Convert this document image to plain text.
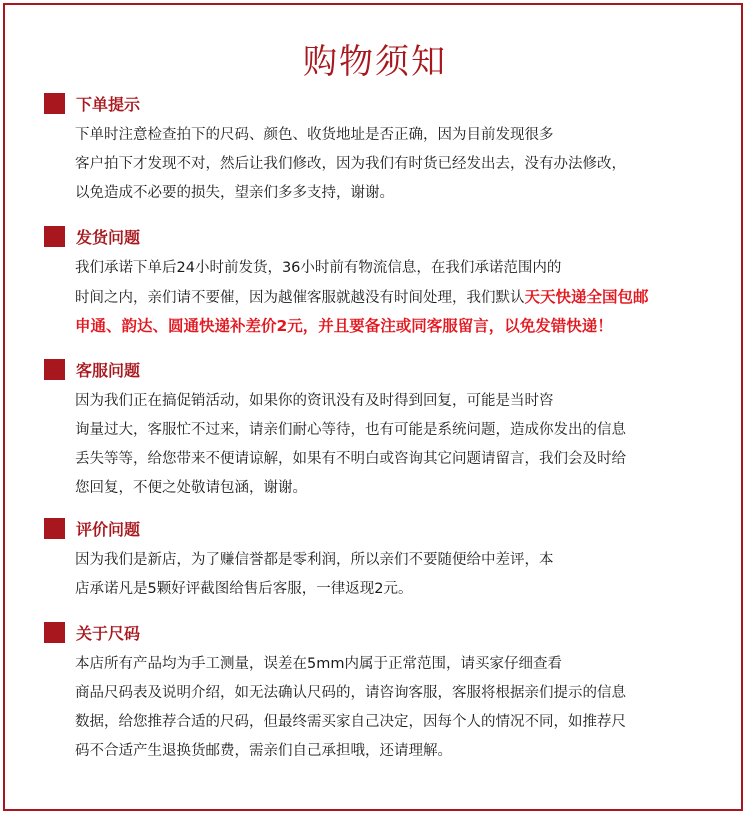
购物须知
下单提示
下单时注意检查拍下的尺码、颜色、收货地址是否正确，因为目前发现很多
客户拍下才发现不对，然后让我们修改，因为我们有时货已经发出去，没有办法修改，
以免造成不必要的损失，望亲们多多支持，谢谢。
发货问题
我们承诺下单后24小时前发货，36小时前有物流信息，在我们承诺范围内的
时间之内，亲们请不要催，因为越催客服就越没有时间处理，我们默认天天快递全国包邮
申通、韵达、圆通快递补差价2元，并且要备注或同客服留言，以免发错快递！
客服问题
因为我们正在搞促销活动，如果你的资讯没有及时得到回复，可能是当时咨
询量过大，客服忙不过来，请亲们耐心等待，也有可能是系统问题，造成你发出的信息
丢失等等，给您带来不便请谅解，如果有不明白或咨询其它问题请留言，我们会及时给
您回复，不便之处敬请包涵，谢谢。
评价问题
因为我们是新店，为了赚信誉都是零利润，所以亲们不要随便给中差评，本
店承诺凡是5颗好评截图给售后客服，一律返现2元。
关于尺码
本店所有产品均为手工测量，误差在5mm内属于正常范围，请买家仔细查看
商品尺码表及说明介绍，如无法确认尺码的，请咨询客服，客服将根据亲们提示的信息
数据，给您推荐合适的尺码，但最终需买家自己决定，因每个人的情况不同，如推荐尺
码不合适产生退换货邮费，需亲们自己承担哦，还请理解。
